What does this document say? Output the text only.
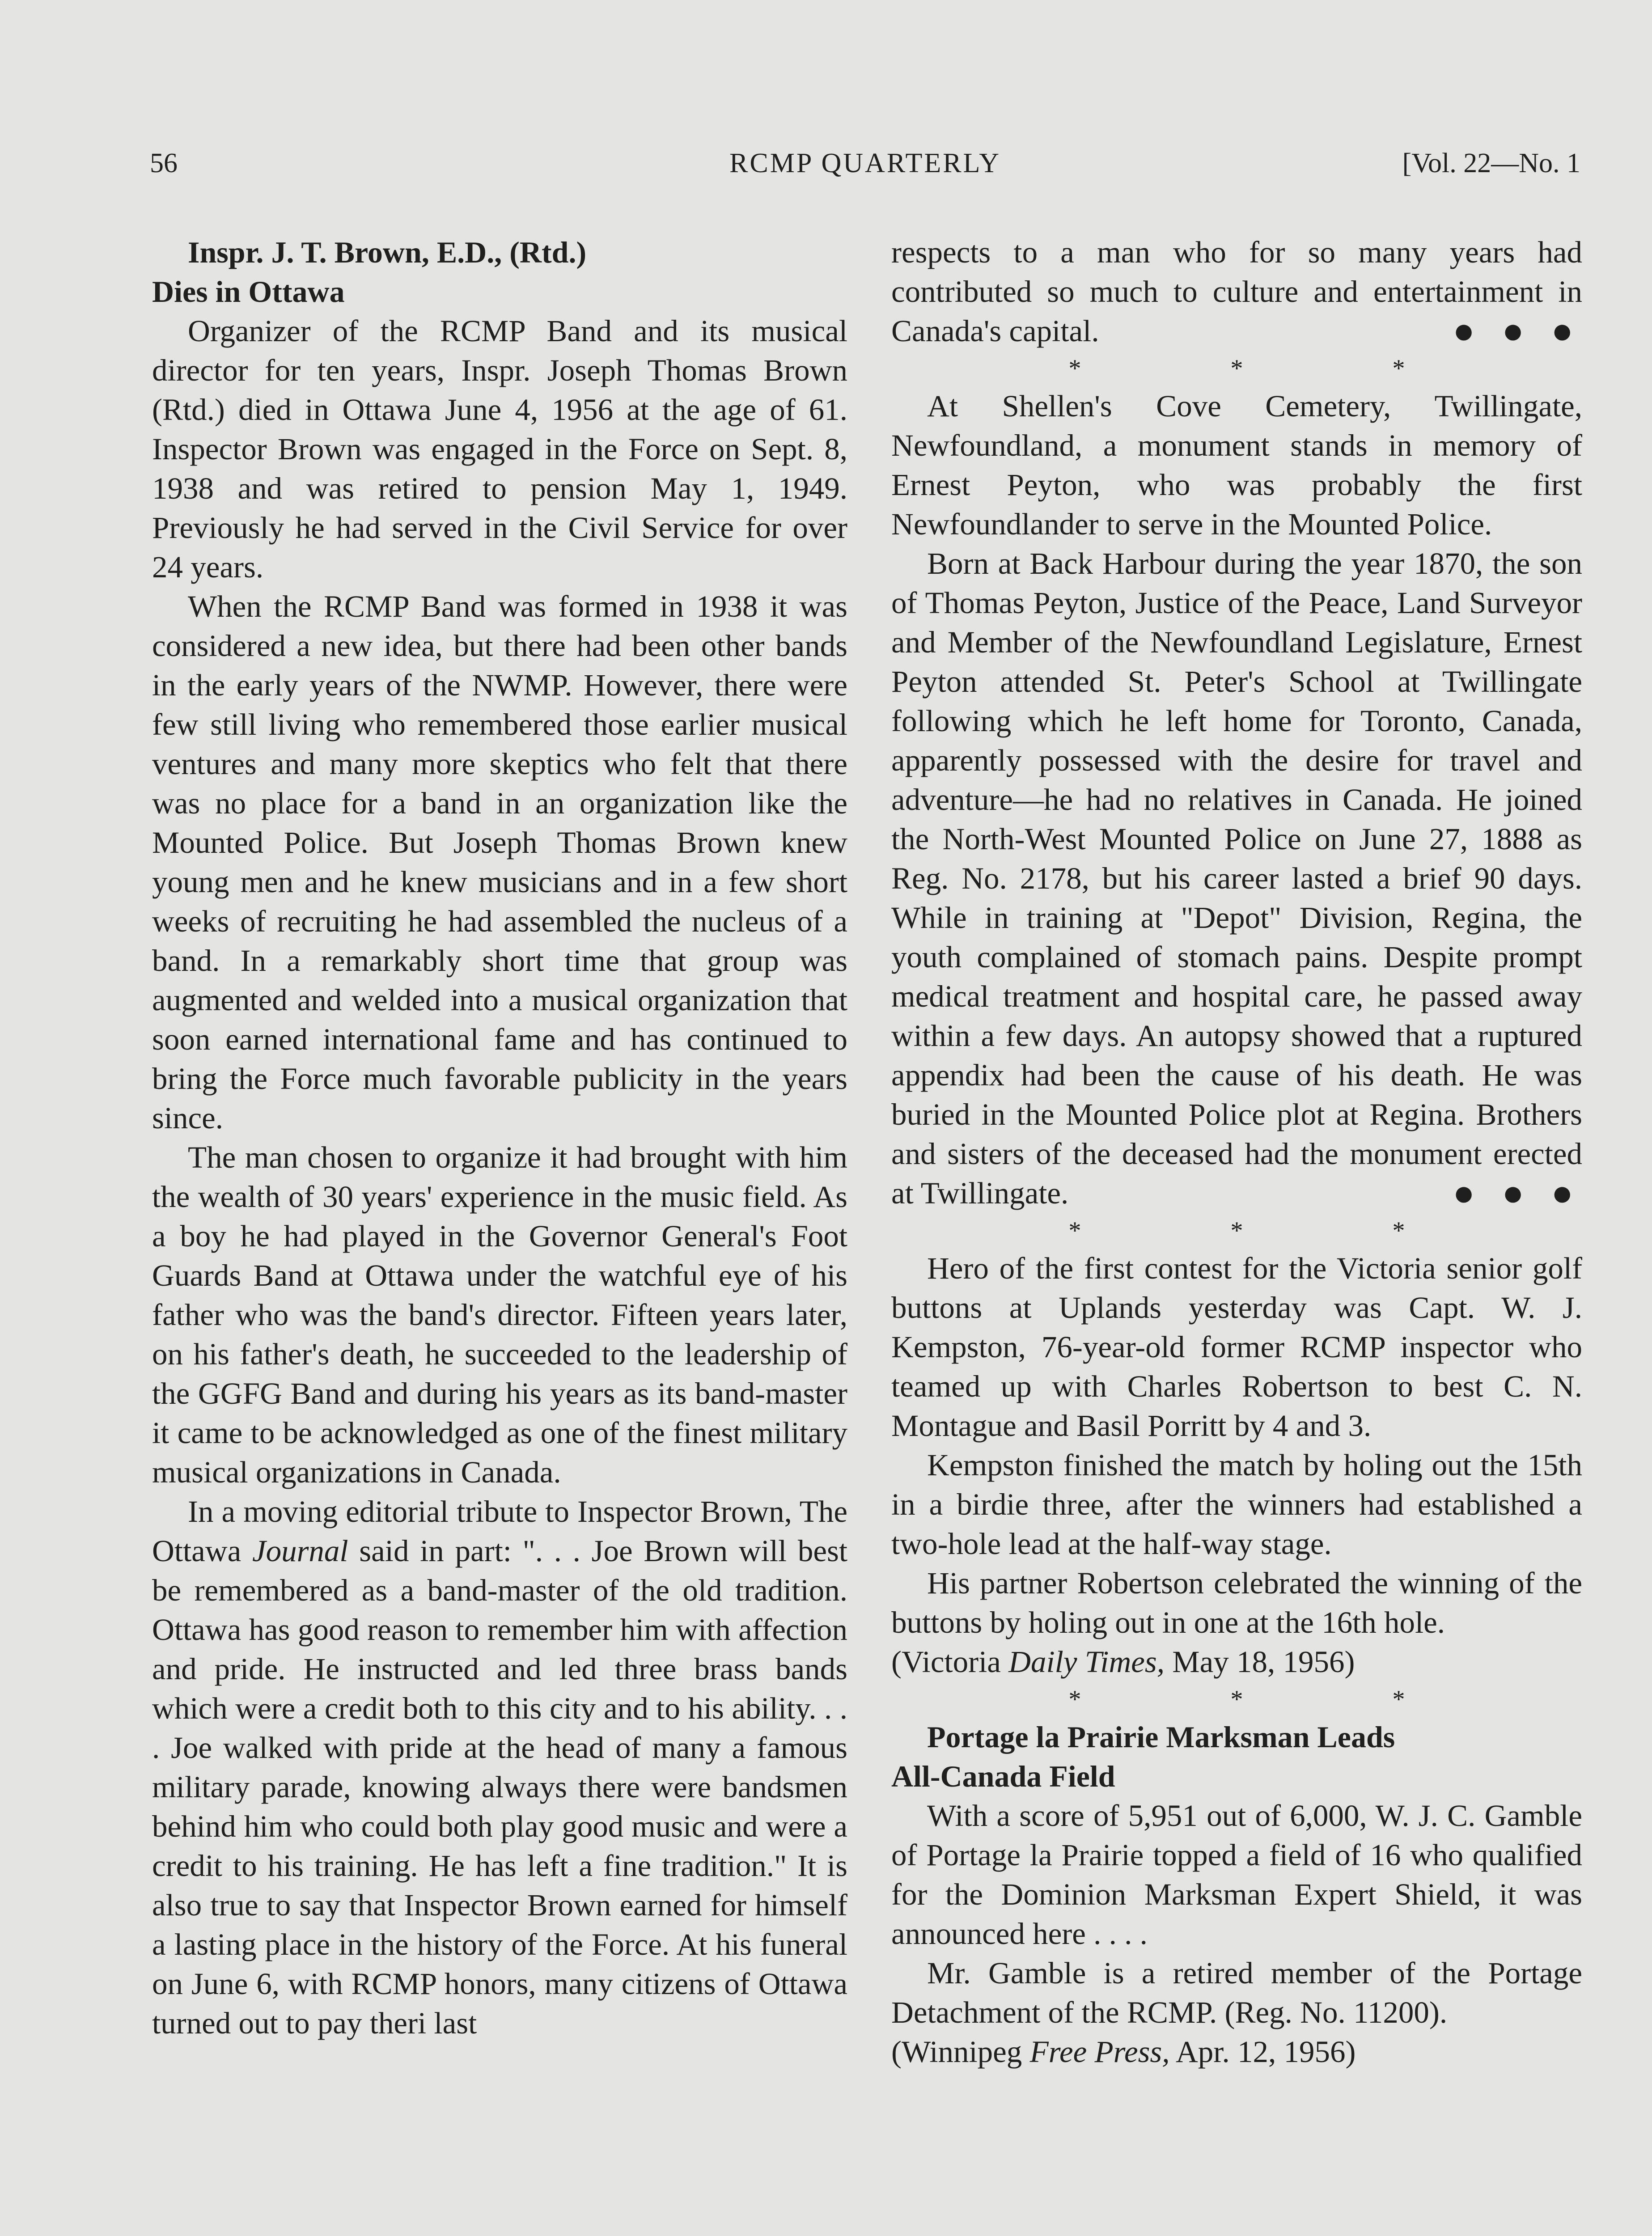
56	RCMP QUARTERLY	[Vol. 22—No. 1

Inspr. J. T. Brown, E.D., (Rtd.)
Dies in Ottawa

Organizer of the RCMP Band and its musical director for ten years, Inspr. Joseph Thomas Brown (Rtd.) died in Ottawa June 4, 1956 at the age of 61. Inspector Brown was engaged in the Force on Sept. 8, 1938 and was retired to pension May 1, 1949. Previously he had served in the Civil Service for over 24 years.

When the RCMP Band was formed in 1938 it was considered a new idea, but there had been other bands in the early years of the NWMP. However, there were few still living who remembered those earlier musical ventures and many more skeptics who felt that there was no place for a band in an organization like the Mounted Police. But Joseph Thomas Brown knew young men and he knew musicians and in a few short weeks of recruiting he had assembled the nucleus of a band. In a remarkably short time that group was augmented and welded into a musical organization that soon earned international fame and has continued to bring the Force much favorable publicity in the years since.

The man chosen to organize it had brought with him the wealth of 30 years' experience in the music field. As a boy he had played in the Governor General's Foot Guards Band at Ottawa under the watchful eye of his father who was the band's director. Fifteen years later, on his father's death, he succeeded to the leadership of the GGFG Band and during his years as its band-master it came to be acknowledged as one of the finest military musical organizations in Canada.

In a moving editorial tribute to Inspector Brown, The Ottawa Journal said in part: ". . . Joe Brown will best be remembered as a band-master of the old tradition. Ottawa has good reason to remember him with affection and pride. He instructed and led three brass bands which were a credit both to this city and to his ability. . . . Joe walked with pride at the head of many a famous military parade, knowing always there were bandsmen behind him who could both play good music and were a credit to his training. He has left a fine tradition." It is also true to say that Inspector Brown earned for himself a lasting place in the history of the Force. At his funeral on June 6, with RCMP honors, many citizens of Ottawa turned out to pay theri last

respects to a man who for so many years had contributed so much to culture and entertainment in Canada's capital.	● ● ●

* * *

At Shellen's Cove Cemetery, Twillingate, Newfoundland, a monument stands in memory of Ernest Peyton, who was probably the first Newfoundlander to serve in the Mounted Police.

Born at Back Harbour during the year 1870, the son of Thomas Peyton, Justice of the Peace, Land Surveyor and Member of the Newfoundland Legislature, Ernest Peyton attended St. Peter's School at Twillingate following which he left home for Toronto, Canada, apparently possessed with the desire for travel and adventure—he had no relatives in Canada. He joined the North-West Mounted Police on June 27, 1888 as Reg. No. 2178, but his career lasted a brief 90 days. While in training at "Depot" Division, Regina, the youth complained of stomach pains. Despite prompt medical treatment and hospital care, he passed away within a few days. An autopsy showed that a ruptured appendix had been the cause of his death. He was buried in the Mounted Police plot at Regina. Brothers and sisters of the deceased had the monument erected at Twillingate.	● ● ●

* * *

Hero of the first contest for the Victoria senior golf buttons at Uplands yesterday was Capt. W. J. Kempston, 76-year-old former RCMP inspector who teamed up with Charles Robertson to best C. N. Montague and Basil Porritt by 4 and 3.

Kempston finished the match by holing out the 15th in a birdie three, after the winners had established a two-hole lead at the half-way stage.

His partner Robertson celebrated the winning of the buttons by holing out in one at the 16th hole.

(Victoria Daily Times, May 18, 1956)

* * *

Portage la Prairie Marksman Leads
All-Canada Field

With a score of 5,951 out of 6,000, W. J. C. Gamble of Portage la Prairie topped a field of 16 who qualified for the Dominion Marksman Expert Shield, it was announced here . . . .

Mr. Gamble is a retired member of the Portage Detachment of the RCMP. (Reg. No. 11200).

(Winnipeg Free Press, Apr. 12, 1956)
